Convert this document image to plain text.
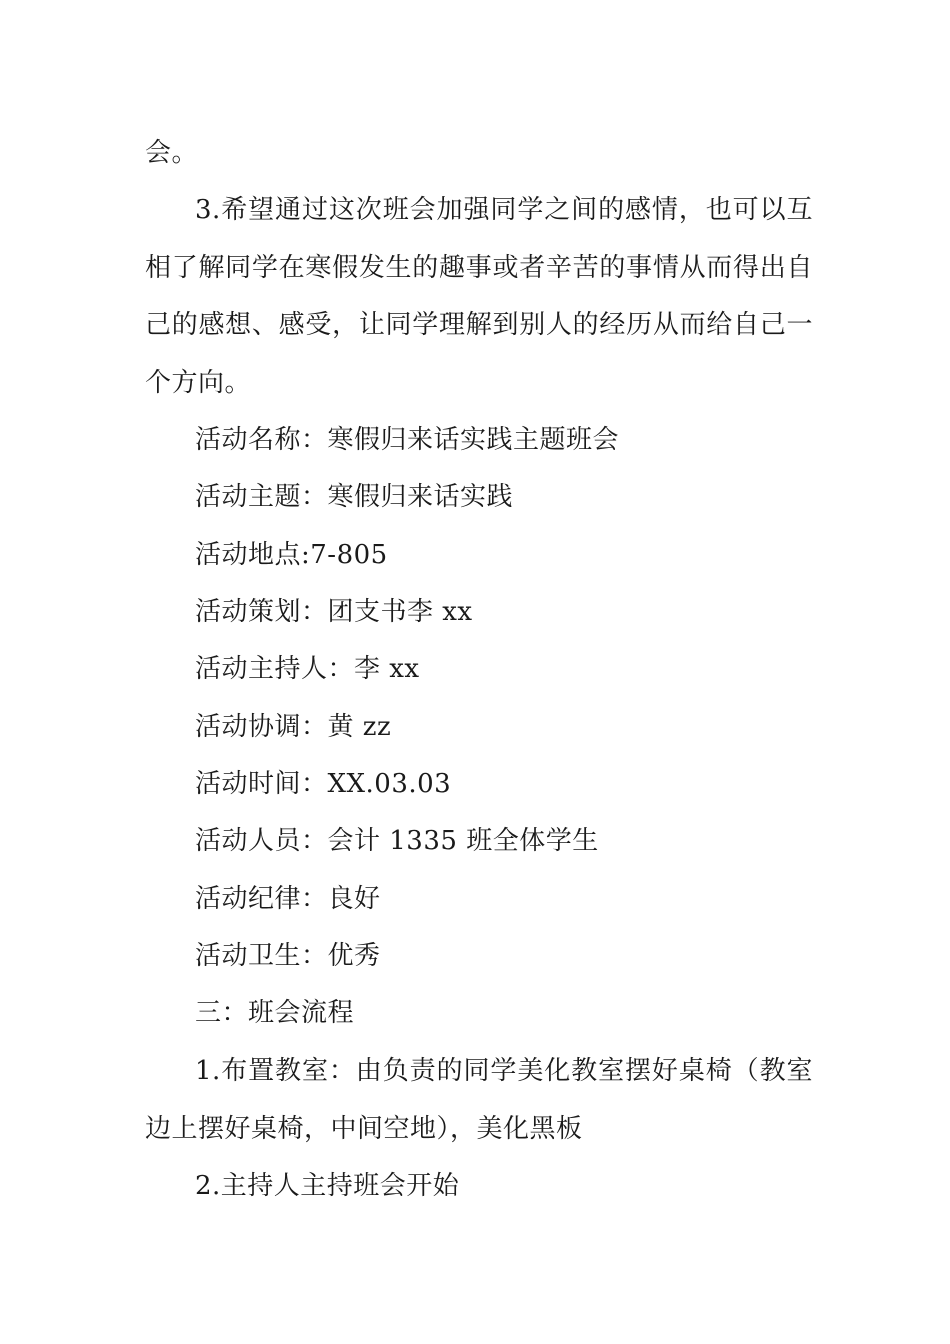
会。

3.希望通过这次班会加强同学之间的感情，也可以互相了解同学在寒假发生的趣事或者辛苦的事情从而得出自己的感想、感受，让同学理解到别人的经历从而给自己一个方向。

活动名称：寒假归来话实践主题班会

活动主题：寒假归来话实践

活动地点:7-805

活动策划：团支书李 xx

活动主持人：李 xx

活动协调：黄 zz

活动时间：XX.03.03

活动人员：会计 1335 班全体学生

活动纪律：良好

活动卫生：优秀

三：班会流程

1.布置教室：由负责的同学美化教室摆好桌椅（教室边上摆好桌椅，中间空地），美化黑板

2.主持人主持班会开始
